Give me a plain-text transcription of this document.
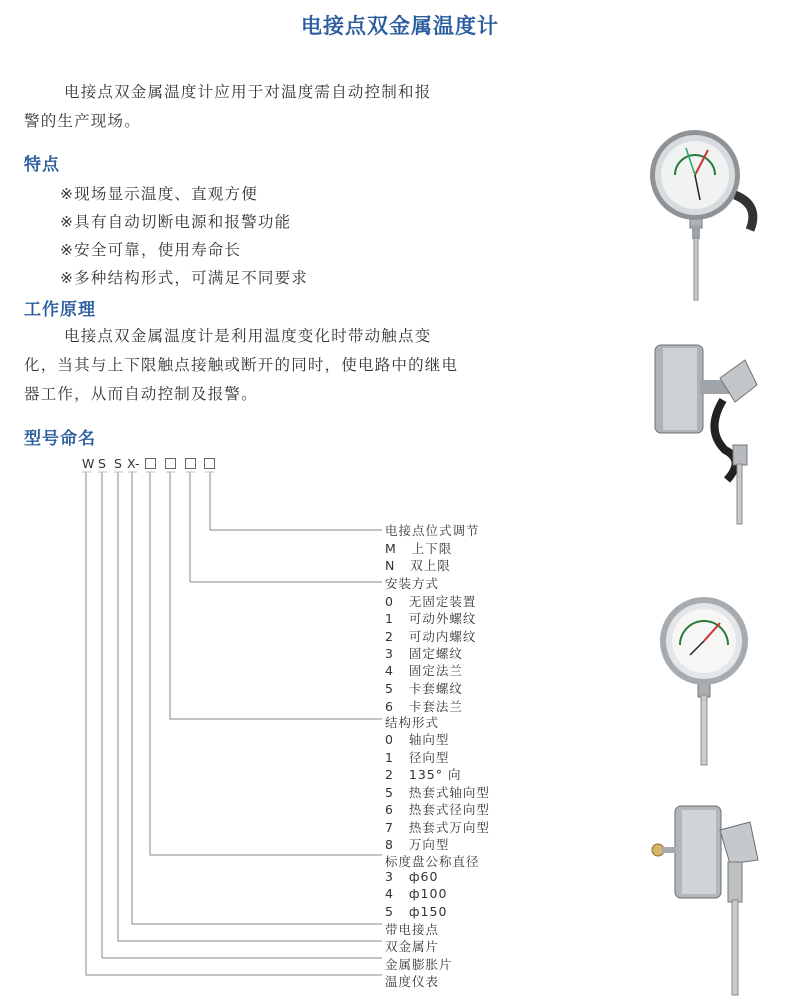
电接点双金属温度计

电接点双金属温度计应用于对温度需自动控制和报
警的生产现场。

特点
※现场显示温度、直观方便
※具有自动切断电源和报警功能
※安全可靠，使用寿命长
※多种结构形式，可满足不同要求
工作原理
电接点双金属温度计是利用温度变化时带动触点变
化，当其与上下限触点接触或断开的同时，使电路中的继电
器工作，从而自动控制及报警。
型号命名
W S S X-
电接点位式调节
M   上下限
N   双上限
安装方式
0   无固定装置
1   可动外螺纹
2   可动内螺纹
3   固定螺纹
4   固定法兰
5   卡套螺纹
6   卡套法兰
结构形式
0   轴向型
1   径向型
2   135° 向
5   热套式轴向型
6   热套式径向型
7   热套式万向型
8   万向型
标度盘公称直径
3   ф60
4   ф100
5   ф150
带电接点
双金属片
金属膨胀片
温度仪表
